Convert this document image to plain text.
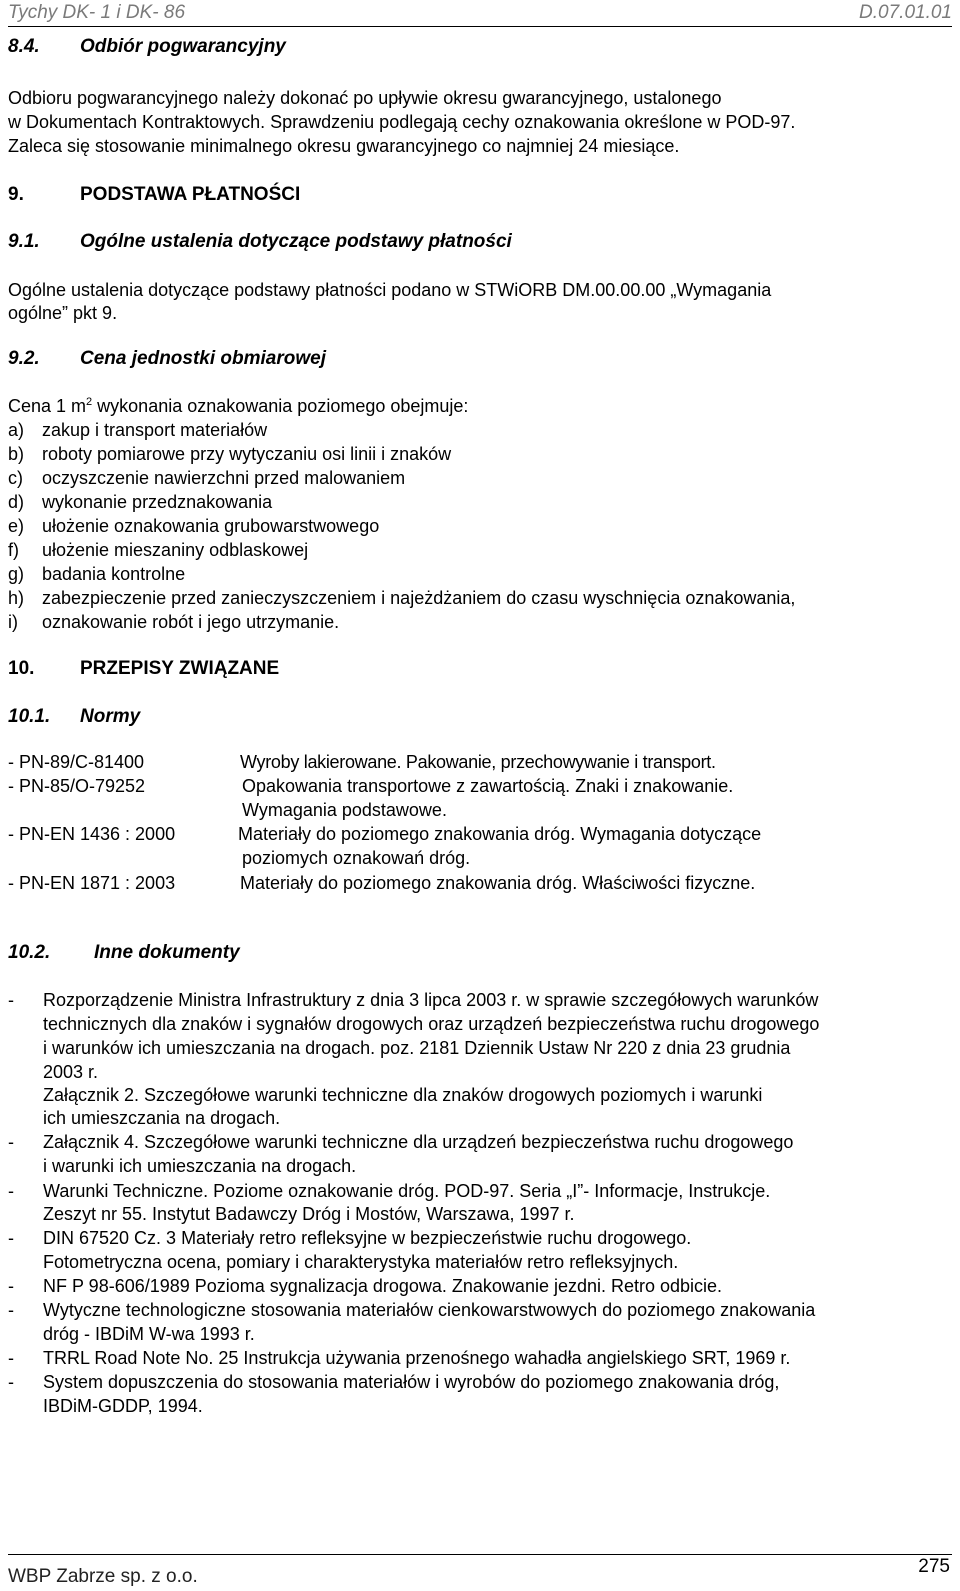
Tychy DK- 1 i DK- 86	D.07.01.01
8.4. Odbiór pogwarancyjny
Odbioru pogwarancyjnego należy dokonać po upływie okresu gwarancyjnego, ustalonego
w Dokumentach Kontraktowych. Sprawdzeniu podlegają cechy oznakowania określone w POD-97.
Zaleca się stosowanie minimalnego okresu gwarancyjnego co najmniej 24 miesiące.
9.	PODSTAWA PŁATNOŚCI
9.1. Ogólne ustalenia dotyczące podstawy płatności
Ogólne ustalenia dotyczące podstawy płatności podano w STWiORB DM.00.00.00 „Wymagania
ogólne” pkt 9.
9.2. Cena jednostki obmiarowej
Cena 1 $m^2$ wykonania oznakowania poziomego obejmuje:
a) zakup i transport materiałów
b) roboty pomiarowe przy wytyczaniu osi linii i znaków
c) oczyszczenie nawierzchni przed malowaniem
d) wykonanie przedznakowania
e) ułożenie oznakowania grubowarstwowego
f) ułożenie mieszaniny odblaskowej
g) badania kontrolne
h) zabezpieczenie przed zanieczyszczeniem i najeżdżaniem do czasu wyschnięcia oznakowania,
i) oznakowanie robót i jego utrzymanie.
10. PRZEPISY ZWIĄZANE
10.1. Normy
- PN-89/C-81400	Wyroby lakierowane. Pakowanie, przechowywanie i transport.
- PN-85/O-79252	Opakowania transportowe z zawartością. Znaki i znakowanie.
Wymagania podstawowe.
- PN-EN 1436 : 2000	Materiały do poziomego znakowania dróg. Wymagania dotyczące
poziomych oznakowań dróg.
- PN-EN 1871 : 2003	Materiały do poziomego znakowania dróg. Właściwości fizyczne.
10.2. Inne dokumenty
- Rozporządzenie Ministra Infrastruktury z dnia 3 lipca 2003 r. w sprawie szczegółowych warunków
technicznych dla znaków i sygnałów drogowych oraz urządzeń bezpieczeństwa ruchu drogowego
i warunków ich umieszczania na drogach. poz. 2181 Dziennik Ustaw Nr 220 z dnia 23 grudnia
2003 r.
Załącznik 2. Szczegółowe warunki techniczne dla znaków drogowych poziomych i warunki
ich umieszczania na drogach.
- Załącznik 4. Szczegółowe warunki techniczne dla urządzeń bezpieczeństwa ruchu drogowego
i warunki ich umieszczania na drogach.
- Warunki Techniczne. Poziome oznakowanie dróg. POD-97. Seria „I”- Informacje, Instrukcje.
Zeszyt nr 55. Instytut Badawczy Dróg i Mostów, Warszawa, 1997 r.
- DIN 67520 Cz. 3 Materiały retro refleksyjne w bezpieczeństwie ruchu drogowego.
Fotometryczna ocena, pomiary i charakterystyka materiałów retro refleksyjnych.
- NF P 98-606/1989 Pozioma sygnalizacja drogowa. Znakowanie jezdni. Retro odbicie.
- Wytyczne technologiczne stosowania materiałów cienkowarstwowych do poziomego znakowania
dróg - IBDiM W-wa 1993 r.
- TRRL Road Note No. 25 Instrukcja używania przenośnego wahadła angielskiego SRT, 1969 r.
- System dopuszczenia do stosowania materiałów i wyrobów do poziomego znakowania dróg,
IBDiM-GDDP, 1994.
WBP Zabrze sp. z o.o.	275
